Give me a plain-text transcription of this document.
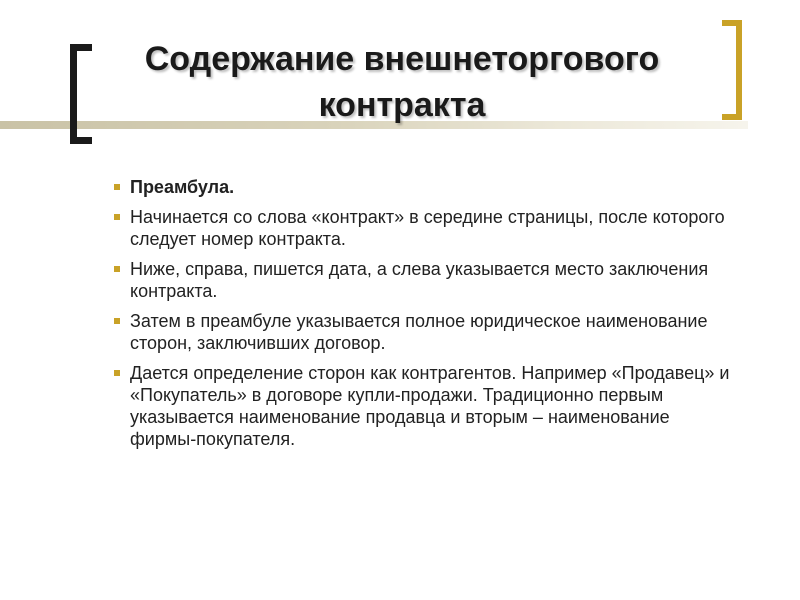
Содержание внешнеторгового контракта
Преамбула.
Начинается со слова «контракт» в середине страницы, после которого следует номер контракта.
Ниже, справа, пишется дата, а слева указывается место заключения контракта.
Затем в преамбуле указывается полное юридическое наименование сторон, заключивших договор.
Дается определение сторон как контрагентов. Например «Продавец» и «Покупатель» в договоре купли-продажи. Традиционно первым указывается наименование продавца и вторым – наименование фирмы-покупателя.
